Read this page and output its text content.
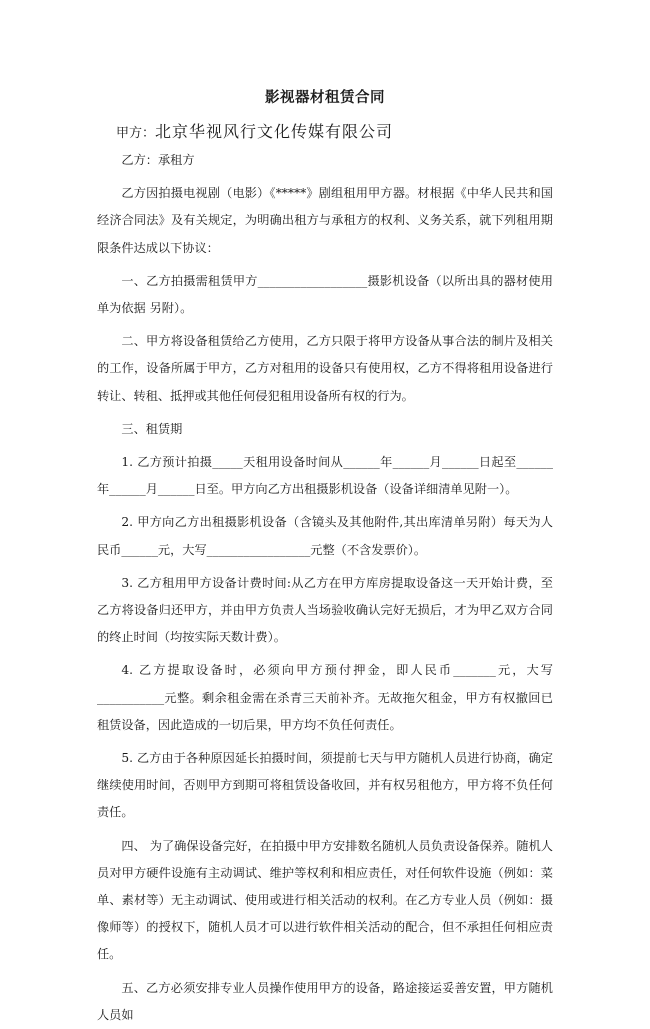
影视器材租赁合同
甲方：北京华视风行文化传媒有限公司

乙方：承租方

乙方因拍摄电视剧（电影）《*****》剧组租用甲方器。材根据《中华人民共和国经济合同法》及有关规定，为明确出租方与承租方的权利、义务关系，就下列租用期限条件达成以下协议：

一、乙方拍摄需租赁甲方__________________摄影机设备（以所出具的器材使用单为依据 另附）。

二、甲方将设备租赁给乙方使用，乙方只限于将甲方设备从事合法的制片及相关的工作，设备所属于甲方，乙方对租用的设备只有使用权，乙方不得将租用设备进行转让、转租、抵押或其他任何侵犯租用设备所有权的行为。

三、租赁期

1. 乙方预计拍摄_____天租用设备时间从______年______月______日起至______年______月______日至。甲方向乙方出租摄影机设备（设备详细清单见附一）。

2. 甲方向乙方出租摄影机设备（含镜头及其他附件,其出库清单另附）每天为人民币______元，大写_________________元整（不含发票价）。

3. 乙方租用甲方设备计费时间:从乙方在甲方库房提取设备这一天开始计费，至乙方将设备归还甲方，并由甲方负责人当场验收确认完好无损后，才为甲乙双方合同的终止时间（均按实际天数计费）。

4. 乙方提取设备时，必须向甲方预付押金，即人民币_______元，大写___________元整。剩余租金需在杀青三天前补齐。无故拖欠租金，甲方有权撤回已租赁设备，因此造成的一切后果，甲方均不负任何责任。

5. 乙方由于各种原因延长拍摄时间，须提前七天与甲方随机人员进行协商，确定继续使用时间，否则甲方到期可将租赁设备收回，并有权另租他方，甲方将不负任何责任。

四、 为了确保设备完好，在拍摄中甲方安排数名随机人员负责设备保养。随机人员对甲方硬件设施有主动调试、维护等权利和相应责任，对任何软件设施（例如：菜单、素材等）无主动调试、使用或进行相关活动的权利。在乙方专业人员（例如：摄像师等）的授权下，随机人员才可以进行软件相关活动的配合，但不承担任何相应责任。

五、乙方必须安排专业人员操作使用甲方的设备，路途接运妥善安置，甲方随机人员如
